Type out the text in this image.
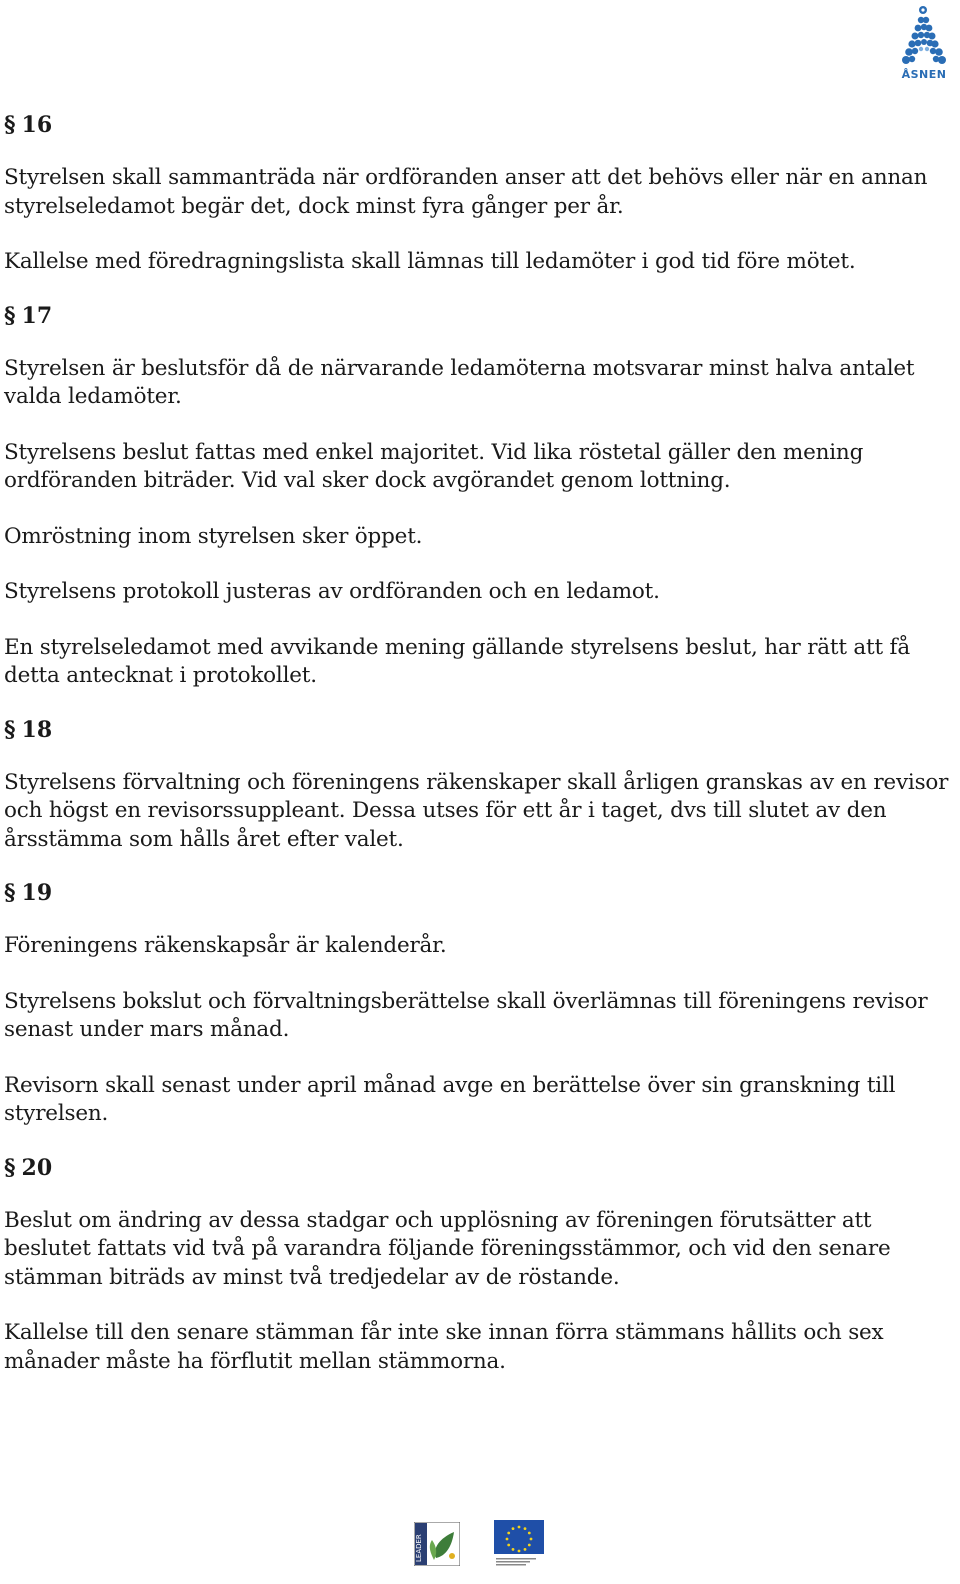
ÅSNEN
§ 16

Styrelsen skall sammanträda när ordföranden anser att det behövs eller när en annan styrelseledamot begär det, dock minst fyra gånger per år.

Kallelse med föredragningslista skall lämnas till ledamöter i god tid före mötet.

§ 17

Styrelsen är beslutsför då de närvarande ledamöterna motsvarar minst halva antalet valda ledamöter.

Styrelsens beslut fattas med enkel majoritet. Vid lika röstetal gäller den mening ordföranden biträder. Vid val sker dock avgörandet genom lottning.

Omröstning inom styrelsen sker öppet.

Styrelsens protokoll justeras av ordföranden och en ledamot.

En styrelseledamot med avvikande mening gällande styrelsens beslut, har rätt att få detta antecknat i protokollet.

§ 18

Styrelsens förvaltning och föreningens räkenskaper skall årligen granskas av en revisor och högst en revisorssuppleant. Dessa utses för ett år i taget, dvs till slutet av den årsstämma som hålls året efter valet.

§ 19

Föreningens räkenskapsår är kalenderår.

Styrelsens bokslut och förvaltningsberättelse skall överlämnas till föreningens revisor senast under mars månad.

Revisorn skall senast under april månad avge en berättelse över sin granskning till styrelsen.

§ 20

Beslut om ändring av dessa stadgar och upplösning av föreningen förutsätter att beslutet fattats vid två på varandra följande föreningsstämmor, och vid den senare stämman biträds av minst två tredjedelar av de röstande.

Kallelse till den senare stämman får inte ske innan förra stämmans hållits och sex månader måste ha förflutit mellan stämmorna.

LEADER
